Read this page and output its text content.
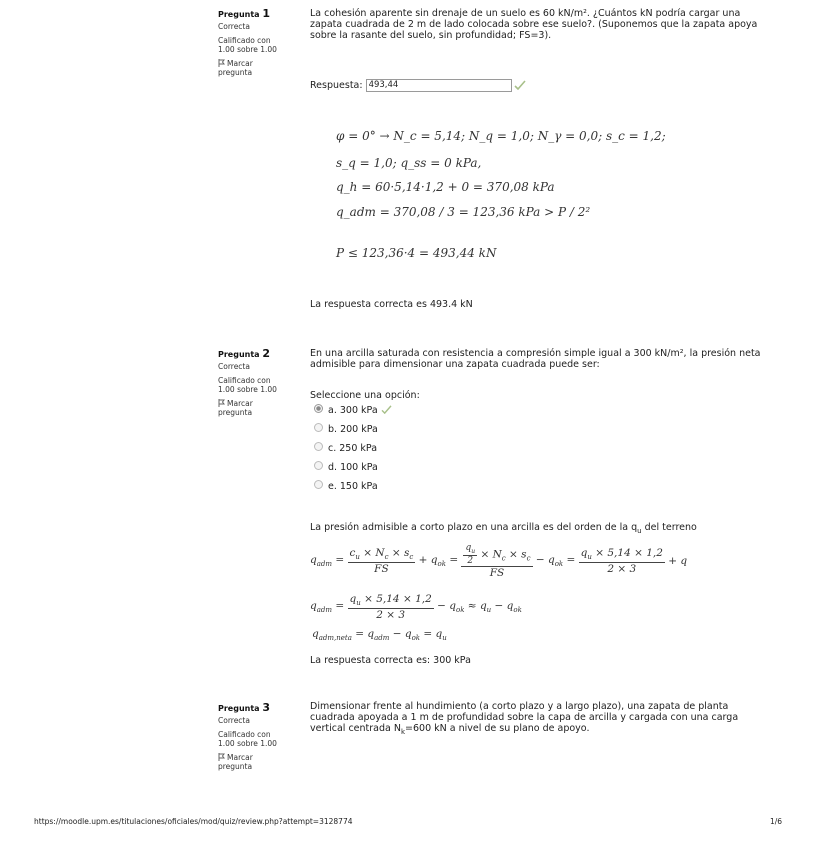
Pregunta 1
Correcta
Calificado con 1.00 sobre 1.00
Marcar pregunta
La cohesión aparente sin drenaje de un suelo es 60 kN/m². ¿Cuántos kN podría cargar una zapata cuadrada de 2 m de lado colocada sobre ese suelo?. (Suponemos que la zapata apoya sobre la rasante del suelo, sin profundidad; FS=3).
Respuesta: 493,44
φ = 0° → N_c = 5,14; N_q = 1,0; N_γ = 0,0; s_c = 1,2;
s_q = 1,0; q_ss = 0 kPa,
q_h = 60·5,14·1,2 + 0 = 370,08 kPa
q_adm = 370,08 / 3 = 123,36 kPa > P / 2²
P ≤ 123,36·4 = 493,44 kN
La respuesta correcta es 493.4 kN
Pregunta 2
Correcta
Calificado con 1.00 sobre 1.00
Marcar pregunta
En una arcilla saturada con resistencia a compresión simple igual a 300 kN/m², la presión neta admisible para dimensionar una zapata cuadrada puede ser:
Seleccione una opción:
a. 300 kPa
b. 200 kPa
c. 250 kPa
d. 100 kPa
e. 150 kPa
La presión admisible a corto plazo en una arcilla es del orden de la $q_u$ del terreno
$q_{adm} = \frac{c_u \times N_c \times s_c}{FS} + q_{ok} = \frac{\frac{q_u}{2} \times N_c \times s_c}{FS} - q_{ok} = \frac{q_u \times 5,14 \times 1,2}{2 \times 3} + q$
$q_{adm} = \frac{q_u \times 5,14 \times 1,2}{2 \times 3} - q_{ok} \approx q_u - q_{ok}$
$q_{adm,neta} = q_{adm} - q_{ok} = q_u$
La respuesta correcta es: 300 kPa
Pregunta 3
Correcta
Calificado con 1.00 sobre 1.00
Marcar pregunta
Dimensionar frente al hundimiento (a corto plazo y a largo plazo), una zapata de planta cuadrada apoyada a 1 m de profundidad sobre la capa de arcilla y cargada con una carga vertical centrada $N_k=600$ kN a nivel de su plano de apoyo.
https://moodle.upm.es/titulaciones/oficiales/mod/quiz/review.php?attempt=3128774	1/6
